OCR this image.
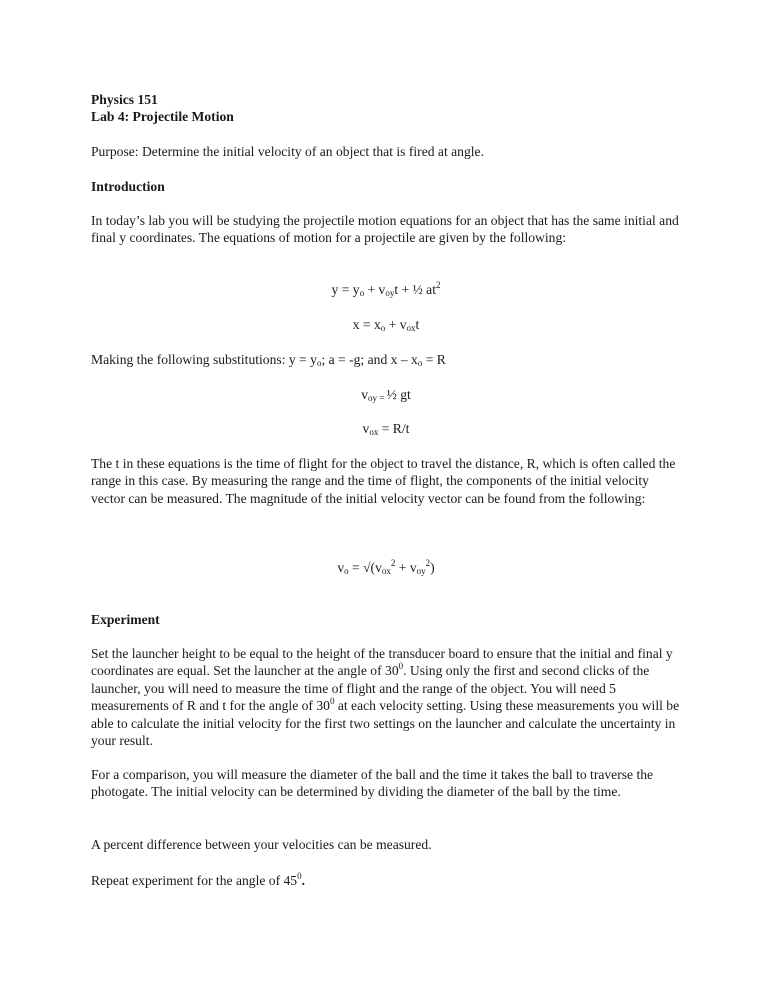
Physics 151

Lab 4: Projectile Motion

Purpose: Determine the initial velocity of an object that is fired at angle.

Introduction

In today’s lab you will be studying the projectile motion equations for an object that has the same initial and final y coordinates. The equations of motion for a projectile are given by the following:

$y = y_o + v_{oy}t$ + ½ $at^2$

$x = x_o + v_{ox}t$

Making the following substitutions: $y = y_o$; a = -g; and $x - x_o = R$

$v_{oy =}$ ½ gt

$v_{ox} = R/t$

The t in these equations is the time of flight for the object to travel the distance, R, which is often called the range in this case. By measuring the range and the time of flight, the components of the initial velocity vector can be measured. The magnitude of the initial velocity vector can be found from the following:

$v_o = √(v_{ox}^2 + v_{oy}^2)$

Experiment

Set the launcher height to be equal to the height of the transducer board to ensure that the initial and final y coordinates are equal. Set the launcher at the angle of $30^0$. Using only the first and second clicks of the launcher, you will need to measure the time of flight and the range of the object. You will need 5 measurements of R and t for the angle of $30^0$ at each velocity setting. Using these measurements you will be able to calculate the initial velocity for the first two settings on the launcher and calculate the uncertainty in your result.

For a comparison, you will measure the diameter of the ball and the time it takes the ball to traverse the photogate. The initial velocity can be determined by dividing the diameter of the ball by the time.

A percent difference between your velocities can be measured.

Repeat experiment for the angle of $45^0$.
